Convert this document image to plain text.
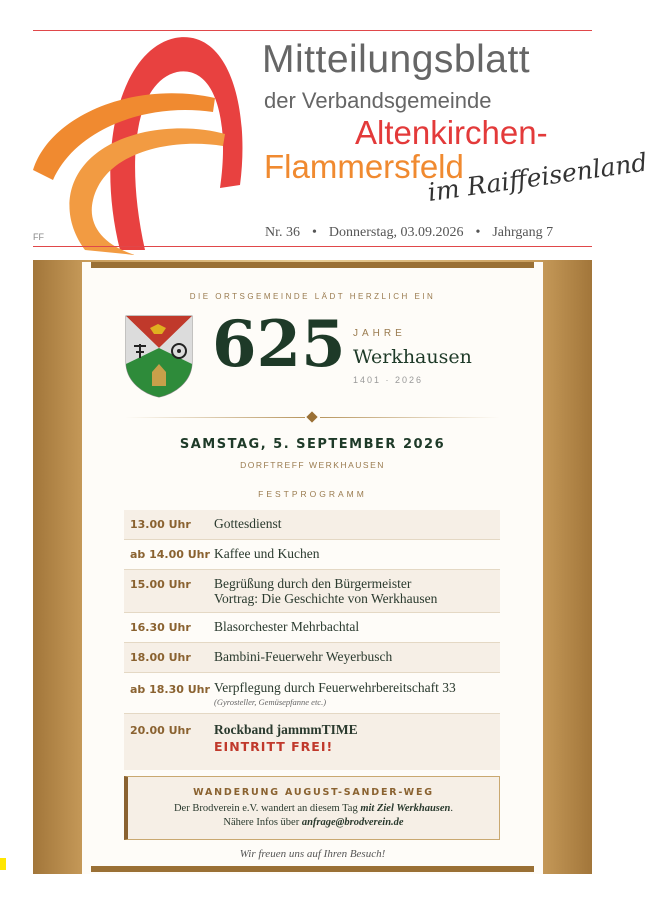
Mitteilungsblatt
der Verbandsgemeinde
Altenkirchen-
Flammersfeld
im Raiffeisenland
FF	Nr. 36 • Donnerstag, 03.09.2026 • Jahrgang 7
DIE ORTSGEMEINDE LÄDT HERZLICH EIN
625 JAHRE
Werkhausen
1401 · 2026
SAMSTAG, 5. SEPTEMBER 2026
DORFTREFF WERKHAUSEN
FESTPROGRAMM
13.00 Uhr	Gottesdienst
ab 14.00 Uhr Kaffee und Kuchen
15.00 Uhr	Begrüßung durch den Bürgermeister
Vortrag: Die Geschichte von Werkhausen
16.30 Uhr	Blasorchester Mehrbachtal
18.00 Uhr	Bambini-Feuerwehr Weyerbusch
ab 18.30 Uhr Verpflegung durch Feuerwehrbereitschaft 33
(Gyrosteller, Gemüsepfanne etc.)
20.00 Uhr	Rockband jammmTIME
EINTRITT FREI!
WANDERUNG AUGUST-SANDER-WEG
Der Brodverein e.V. wandert an diesem Tag mit Ziel Werkhausen.
Nähere Infos über anfrage@brodverein.de
Wir freuen uns auf Ihren Besuch!
